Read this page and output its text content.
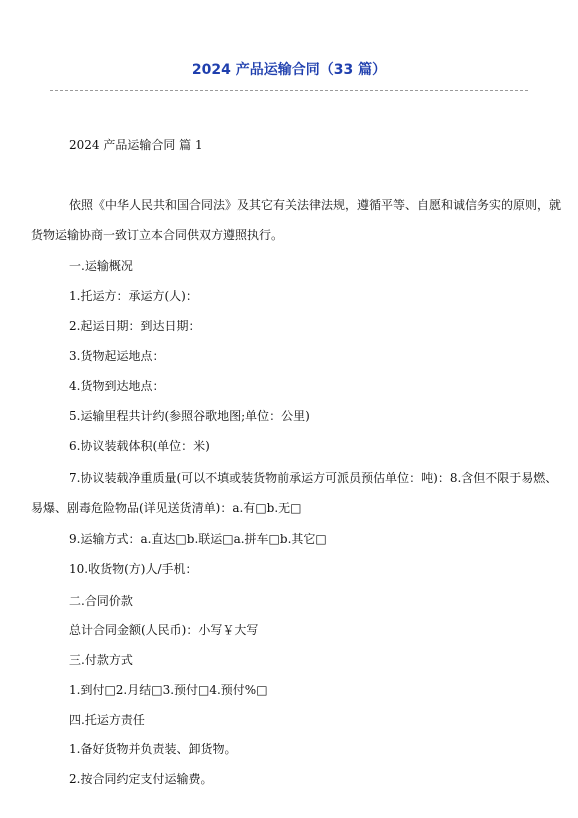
2024 产品运输合同（33 篇）

2024 产品运输合同 篇 1

依照《中华人民共和国合同法》及其它有关法律法规，遵循平等、自愿和诚信务实的原则，就
货物运输协商一致订立本合同供双方遵照执行。

一.运输概况

1.托运方：承运方(人)：

2.起运日期：到达日期：

3.货物起运地点：

4.货物到达地点：

5.运输里程共计约(参照谷歌地图;单位：公里)

6.协议装载体积(单位：米)

7.协议装载净重质量(可以不填或装货物前承运方可派员预估单位：吨)：8.含但不限于易燃、
易爆、剧毒危险物品(详见送货清单)：a.有□b.无□

9.运输方式：a.直达□b.联运□a.拼车□b.其它□

10.收货物(方)人/手机：

二.合同价款

总计合同金额(人民币)：小写￥大写

三.付款方式

1.到付□2.月结□3.预付□4.预付%□

四.托运方责任

1.备好货物并负责装、卸货物。

2.按合同约定支付运输费。
